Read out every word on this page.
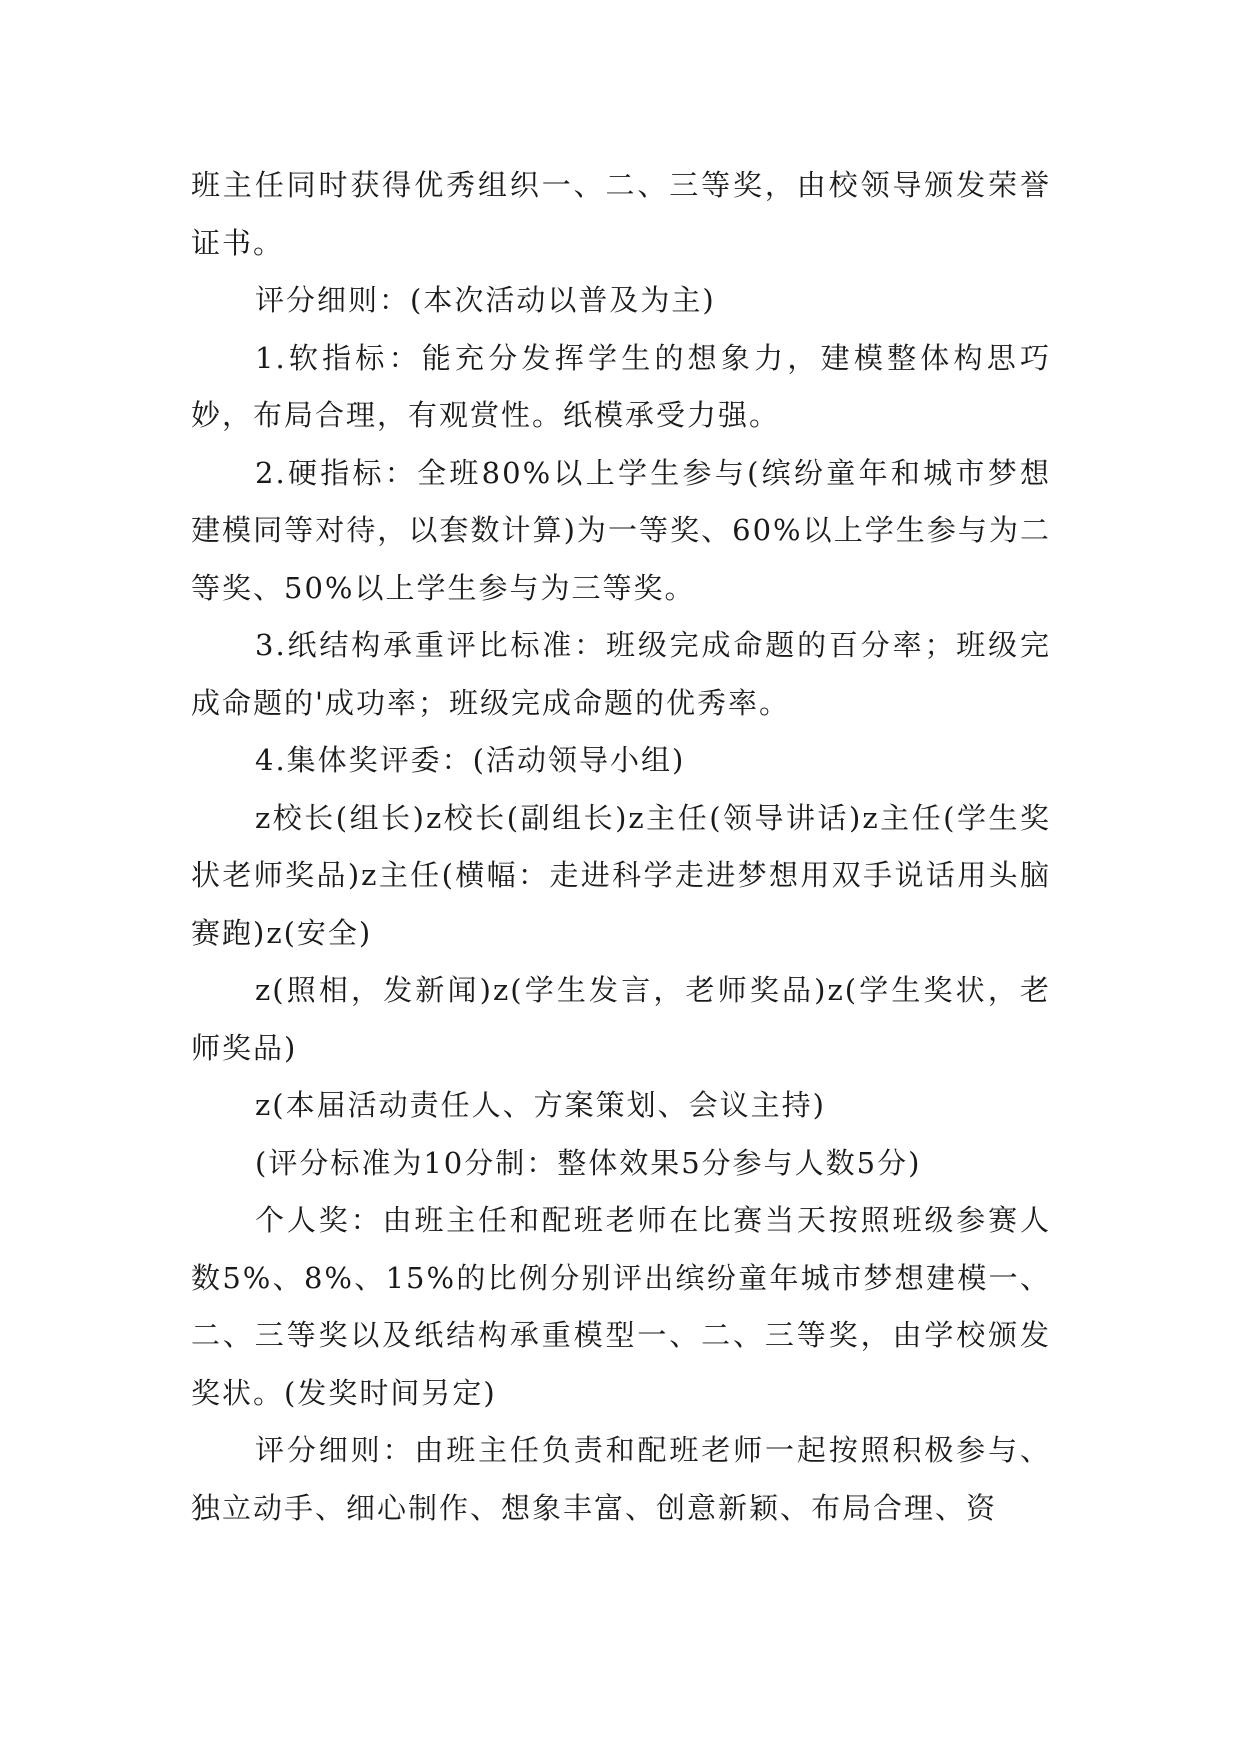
班主任同时获得优秀组织一、二、三等奖，由校领导颁发荣誉证书。

评分细则：(本次活动以普及为主)

1.软指标：能充分发挥学生的想象力，建模整体构思巧妙，布局合理，有观赏性。纸模承受力强。

2.硬指标：全班80%以上学生参与(缤纷童年和城市梦想建模同等对待，以套数计算)为一等奖、60%以上学生参与为二等奖、50%以上学生参与为三等奖。

3.纸结构承重评比标准：班级完成命题的百分率；班级完成命题的'成功率；班级完成命题的优秀率。

4.集体奖评委：(活动领导小组)

z校长(组长)z校长(副组长)z主任(领导讲话)z主任(学生奖状老师奖品)z主任(横幅：走进科学走进梦想用双手说话用头脑赛跑)z(安全)

z(照相，发新闻)z(学生发言，老师奖品)z(学生奖状，老师奖品)

z(本届活动责任人、方案策划、会议主持)

(评分标准为10分制：整体效果5分参与人数5分)

个人奖：由班主任和配班老师在比赛当天按照班级参赛人数5%、8%、15%的比例分别评出缤纷童年城市梦想建模一、二、三等奖以及纸结构承重模型一、二、三等奖，由学校颁发奖状。(发奖时间另定)

评分细则：由班主任负责和配班老师一起按照积极参与、独立动手、细心制作、想象丰富、创意新颖、布局合理、资
